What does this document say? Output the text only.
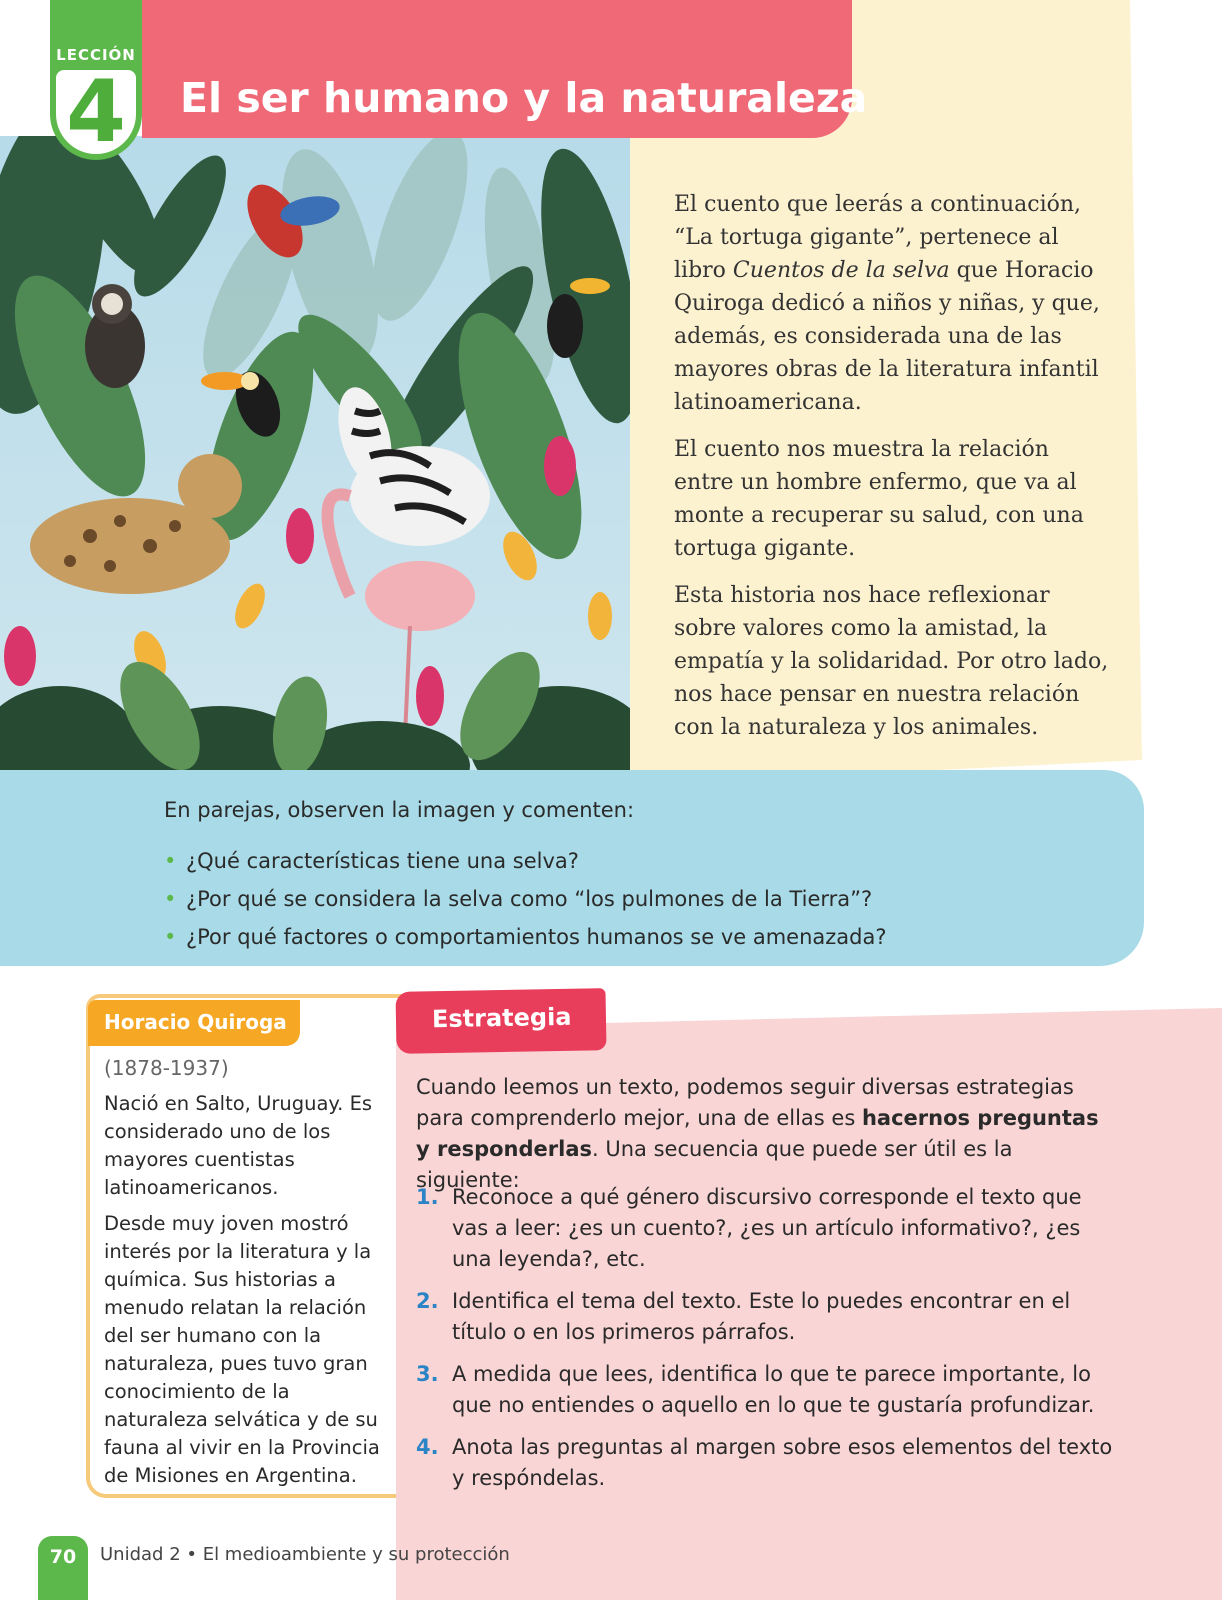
LECCIÓN
4 El ser humano y la naturaleza

El cuento que leerás a continuación, “La tortuga gigante”, pertenece al libro Cuentos de la selva que Horacio Quiroga dedicó a niños y niñas, y que, además, es considerada una de las mayores obras de la literatura infantil latinoamericana.

El cuento nos muestra la relación entre un hombre enfermo, que va al monte a recuperar su salud, con una tortuga gigante.

Esta historia nos hace reflexionar sobre valores como la amistad, la empatía y la solidaridad. Por otro lado, nos hace pensar en nuestra relación con la naturaleza y los animales.

En parejas, observen la imagen y comenten:
• ¿Qué características tiene una selva?
• ¿Por qué se considera la selva como “los pulmones de la Tierra”?
• ¿Por qué factores o comportamientos humanos se ve amenazada?
Horacio Quiroga
(1878-1937)

Nació en Salto, Uruguay. Es considerado uno de los mayores cuentistas latinoamericanos.

Desde muy joven mostró interés por la literatura y la química. Sus historias a menudo relatan la relación del ser humano con la naturaleza, pues tuvo gran conocimiento de la naturaleza selvática y de su fauna al vivir en la Provincia de Misiones en Argentina.

Estrategia
Cuando leemos un texto, podemos seguir diversas estrategias para comprenderlo mejor, una de ellas es hacernos preguntas y responderlas. Una secuencia que puede ser útil es la siguiente:
1. Reconoce a qué género discursivo corresponde el texto que vas a leer: ¿es un cuento?, ¿es un artículo informativo?, ¿es una leyenda?, etc.
2. Identifica el tema del texto. Este lo puedes encontrar en el título o en los primeros párrafos.
3. A medida que lees, identifica lo que te parece importante, lo que no entiendes o aquello en lo que te gustaría profundizar.
4. Anota las preguntas al margen sobre esos elementos del texto y respóndelas.
70	Unidad 2 • El medioambiente y su protección
